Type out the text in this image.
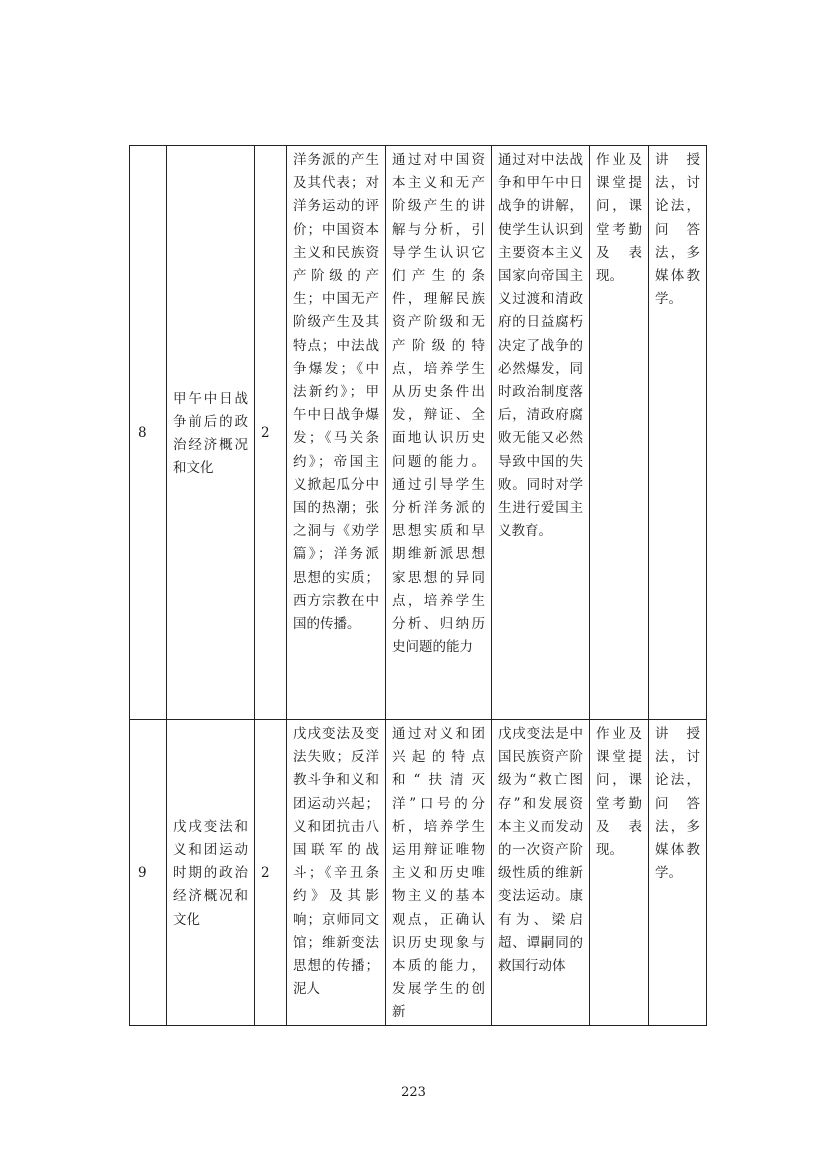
8	甲午中日战争前后的政治经济概况和文化	2	洋务派的产生及其代表；对洋务运动的评价；中国资本主义和民族资产阶级的产生；中国无产阶级产生及其特点；中法战争爆发；《中法新约》；甲午中日战争爆发；《马关条约》；帝国主义掀起瓜分中国的热潮；张之洞与《劝学篇》；洋务派思想的实质；西方宗教在中国的传播。	通过对中国资本主义和无产阶级产生的讲解与分析，引导学生认识它们产生的条件，理解民族资产阶级和无产阶级的特点，培养学生从历史条件出发，辩证、全面地认识历史问题的能力。通过引导学生分析洋务派的思想实质和早期维新派思想家思想的异同点，培养学生分析、归纳历史问题的能力	通过对中法战争和甲午中日战争的讲解，使学生认识到主要资本主义国家向帝国主义过渡和清政府的日益腐朽决定了战争的必然爆发，同时政治制度落后，清政府腐败无能又必然导致中国的失败。同时对学生进行爱国主义教育。	作业及课堂提问，课堂考勤及表现。	讲授法，讨论法，问答法，多媒体教学。
9	戊戌变法和义和团运动时期的政治经济概况和文化	2	戊戌变法及变法失败；反洋教斗争和义和团运动兴起；义和团抗击八国联军的战斗；《辛丑条约》及其影响；京师同文馆；维新变法思想的传播；泥人	通过对义和团兴起的特点和“扶清灭洋”口号的分析，培养学生运用辩证唯物主义和历史唯物主义的基本观点，正确认识历史现象与本质的能力，发展学生的创新	戊戌变法是中国民族资产阶级为“救亡图存”和发展资本主义而发动的一次资产阶级性质的维新变法运动。康有为、梁启超、谭嗣同的救国行动体	作业及课堂提问，课堂考勤及表现。	讲授法，讨论法，问答法，多媒体教学。
223
